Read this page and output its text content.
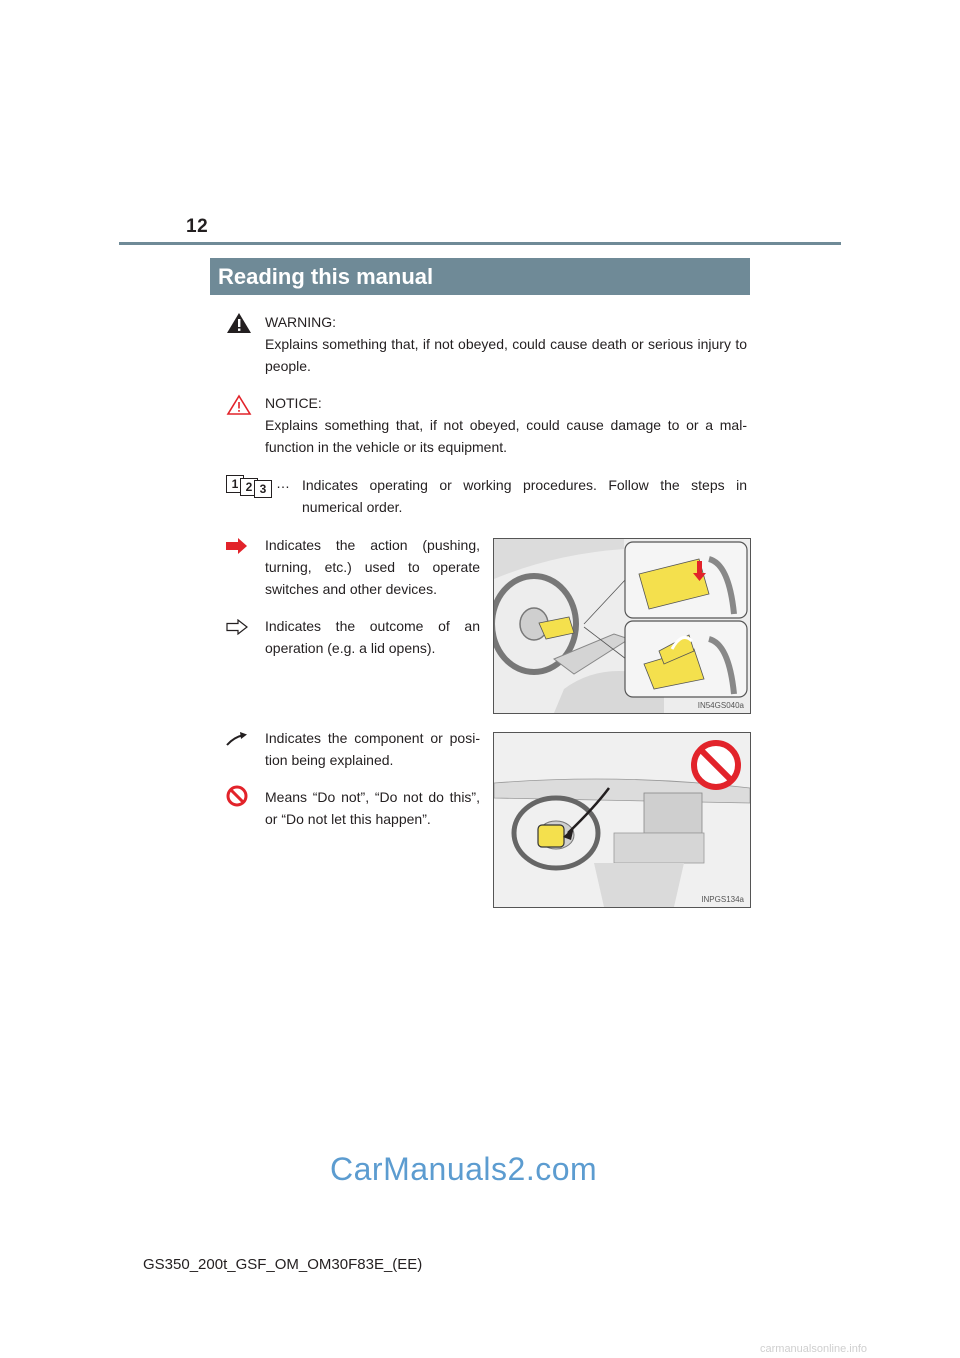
12
Reading this manual
WARNING:
Explains something that, if not obeyed, could cause death or serious injury to people.
NOTICE:
Explains something that, if not obeyed, could cause damage to or a mal-function in the vehicle or its equipment.
1 2 3 … Indicates operating or working procedures. Follow the steps in numerical order.
Indicates the action (pushing, turning, etc.) used to operate switches and other devices.
Indicates the outcome of an operation (e.g. a lid opens).
IN54GS040a
Indicates the component or posi-tion being explained.
Means “Do not”, “Do not do this”, or “Do not let this happen”.
INPGS134a
CarManuals2.com
GS350_200t_GSF_OM_OM30F83E_(EE)
carmanualsonline.info
